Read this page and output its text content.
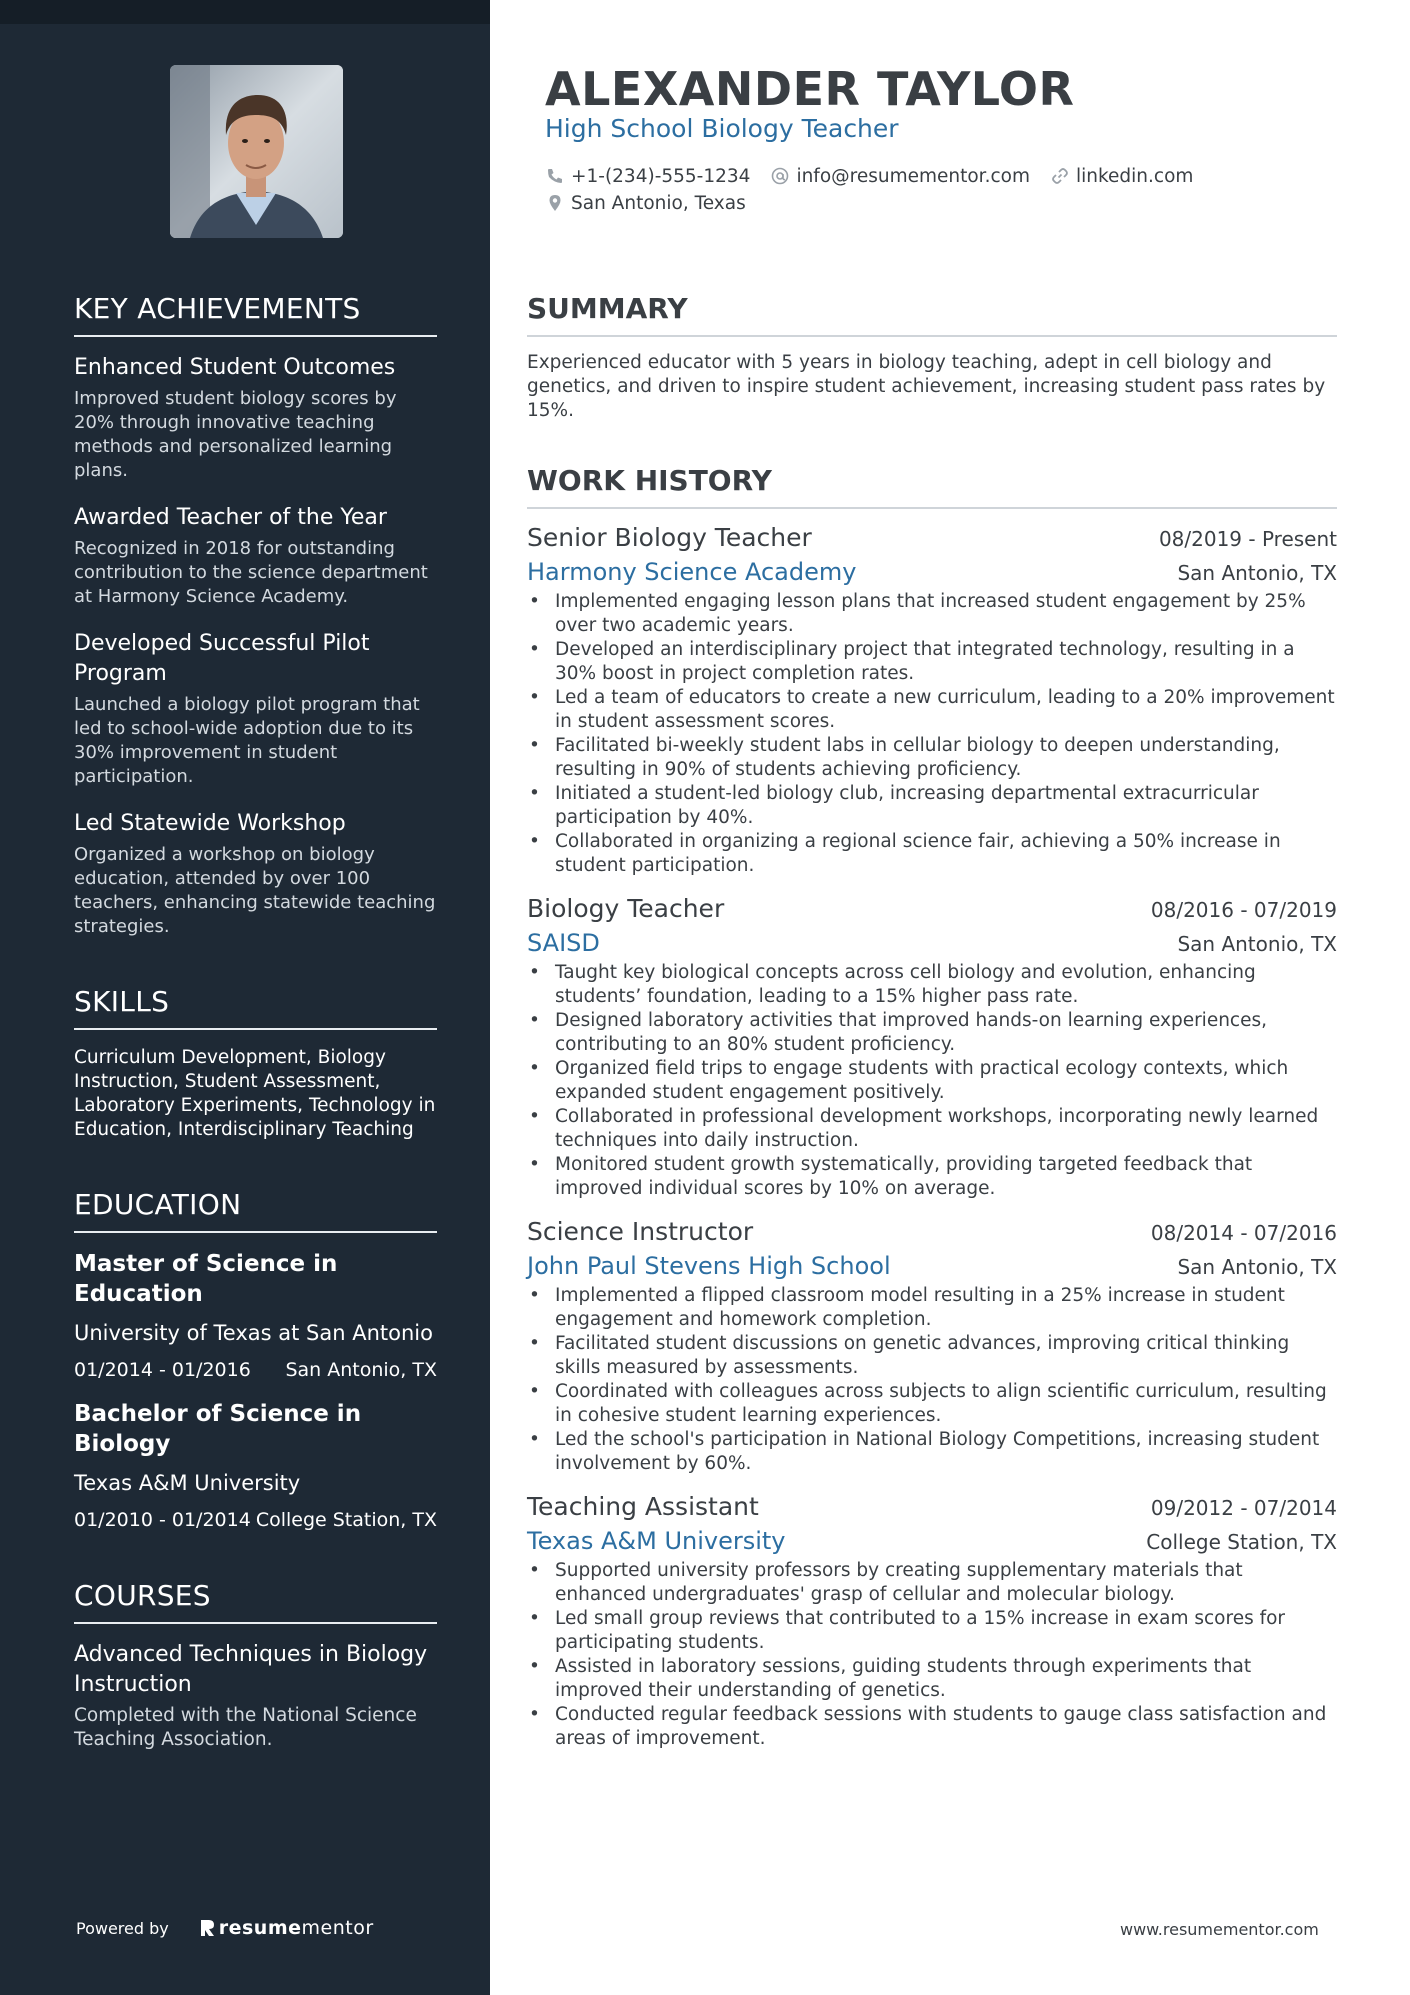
KEY ACHIEVEMENTS
Enhanced Student Outcomes
Improved student biology scores by 20% through innovative teaching methods and personalized learning plans.
Awarded Teacher of the Year
Recognized in 2018 for outstanding contribution to the science department at Harmony Science Academy.
Developed Successful Pilot Program
Launched a biology pilot program that led to school-wide adoption due to its 30% improvement in student participation.
Led Statewide Workshop
Organized a workshop on biology education, attended by over 100 teachers, enhancing statewide teaching strategies.
SKILLS
Curriculum Development, Biology Instruction, Student Assessment, Laboratory Experiments, Technology in Education, Interdisciplinary Teaching
EDUCATION
Master of Science in Education
University of Texas at San Antonio
01/2014 - 01/2016 San Antonio, TX
Bachelor of Science in Biology
Texas A&M University
01/2010 - 01/2014 College Station, TX
COURSES
Advanced Techniques in Biology Instruction
Completed with the National Science Teaching Association.
Powered by	resume mentor
ALEXANDER TAYLOR
High School Biology Teacher
+1-(234)-555-1234 info@resumementor.com linkedin.com
San Antonio, Texas
SUMMARY

Experienced educator with 5 years in biology teaching, adept in cell biology and genetics, and driven to inspire student achievement, increasing student pass rates by 15%.

WORK HISTORY
Senior Biology Teacher	08/2019 - Present
Harmony Science Academy	San Antonio, TX
• Implemented engaging lesson plans that increased student engagement by 25% over two academic years.
• Developed an interdisciplinary project that integrated technology, resulting in a 30% boost in project completion rates.
• Led a team of educators to create a new curriculum, leading to a 20% improvement in student assessment scores.
• Facilitated bi-weekly student labs in cellular biology to deepen understanding, resulting in 90% of students achieving proficiency.
• Initiated a student-led biology club, increasing departmental extracurricular participation by 40%.
• Collaborated in organizing a regional science fair, achieving a 50% increase in student participation.
Biology Teacher	08/2016 - 07/2019
SAISD	San Antonio, TX
• Taught key biological concepts across cell biology and evolution, enhancing students’ foundation, leading to a 15% higher pass rate.
• Designed laboratory activities that improved hands-on learning experiences, contributing to an 80% student proficiency.
• Organized field trips to engage students with practical ecology contexts, which expanded student engagement positively.
• Collaborated in professional development workshops, incorporating newly learned techniques into daily instruction.
• Monitored student growth systematically, providing targeted feedback that improved individual scores by 10% on average.
Science Instructor	08/2014 - 07/2016
John Paul Stevens High School	San Antonio, TX
• Implemented a flipped classroom model resulting in a 25% increase in student engagement and homework completion.
• Facilitated student discussions on genetic advances, improving critical thinking skills measured by assessments.
• Coordinated with colleagues across subjects to align scientific curriculum, resulting in cohesive student learning experiences.
• Led the school's participation in National Biology Competitions, increasing student involvement by 60%.
Teaching Assistant	09/2012 - 07/2014
Texas A&M University	College Station, TX
• Supported university professors by creating supplementary materials that enhanced undergraduates' grasp of cellular and molecular biology.
• Led small group reviews that contributed to a 15% increase in exam scores for participating students.
• Assisted in laboratory sessions, guiding students through experiments that improved their understanding of genetics.
• Conducted regular feedback sessions with students to gauge class satisfaction and areas of improvement.
www.resumementor.com
